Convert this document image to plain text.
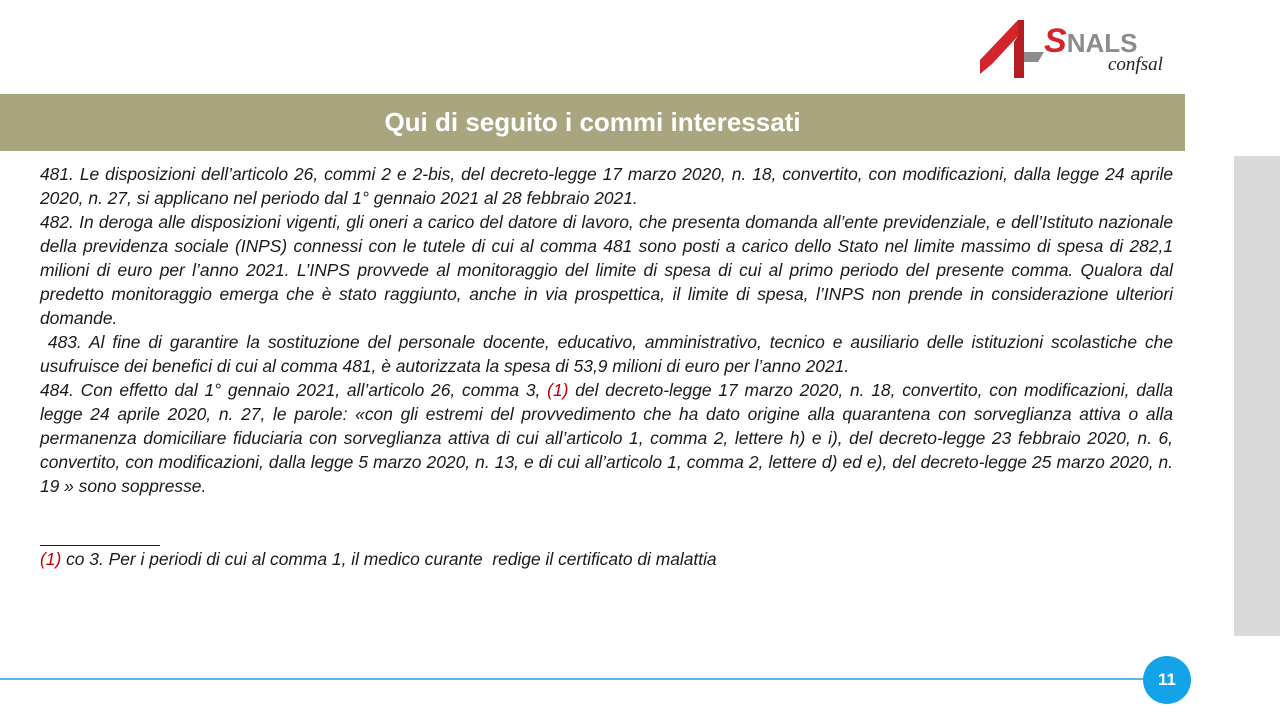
SNALS
confsal
Qui di seguito i commi interessati

481. Le disposizioni dell’articolo 26, commi 2 e 2-bis, del decreto-legge 17 marzo 2020, n. 18, convertito, con modificazioni, dalla legge 24 aprile 2020, n. 27, si applicano nel periodo dal 1° gennaio 2021 al 28 febbraio 2021.

482. In deroga alle disposizioni vigenti, gli oneri a carico del datore di lavoro, che presenta domanda all’ente previdenziale, e dell’Istituto nazionale della previdenza sociale (INPS) connessi con le tutele di cui al comma 481 sono posti a carico dello Stato nel limite massimo di spesa di 282,1 milioni di euro per l’anno 2021. L’INPS provvede al monitoraggio del limite di spesa di cui al primo periodo del presente comma. Qualora dal predetto monitoraggio emerga che è stato raggiunto, anche in via prospettica, il limite di spesa, l’INPS non prende in considerazione ulteriori domande.

483. Al fine di garantire la sostituzione del personale docente, educativo, amministrativo, tecnico e ausiliario delle istituzioni scolastiche che usufruisce dei benefici di cui al comma 481, è autorizzata la spesa di 53,9 milioni di euro per l’anno 2021.

484. Con effetto dal 1° gennaio 2021, all’articolo 26, comma 3, (1) del decreto-legge 17 marzo 2020, n. 18, convertito, con modificazioni, dalla legge 24 aprile 2020, n. 27, le parole: «con gli estremi del provvedimento che ha dato origine alla quarantena con sorveglianza attiva o alla permanenza domiciliare fiduciaria con sorveglianza attiva di cui all’articolo 1, comma 2, lettere h) e i), del decreto-legge 23 febbraio 2020, n. 6, convertito, con modificazioni, dalla legge 5 marzo 2020, n. 13, e di cui all’articolo 1, comma 2, lettere d) ed e), del decreto-legge 25 marzo 2020, n. 19 » sono soppresse.

(1) co 3. Per i periodi di cui al comma 1, il medico curante  redige il certificato di malattia
11
